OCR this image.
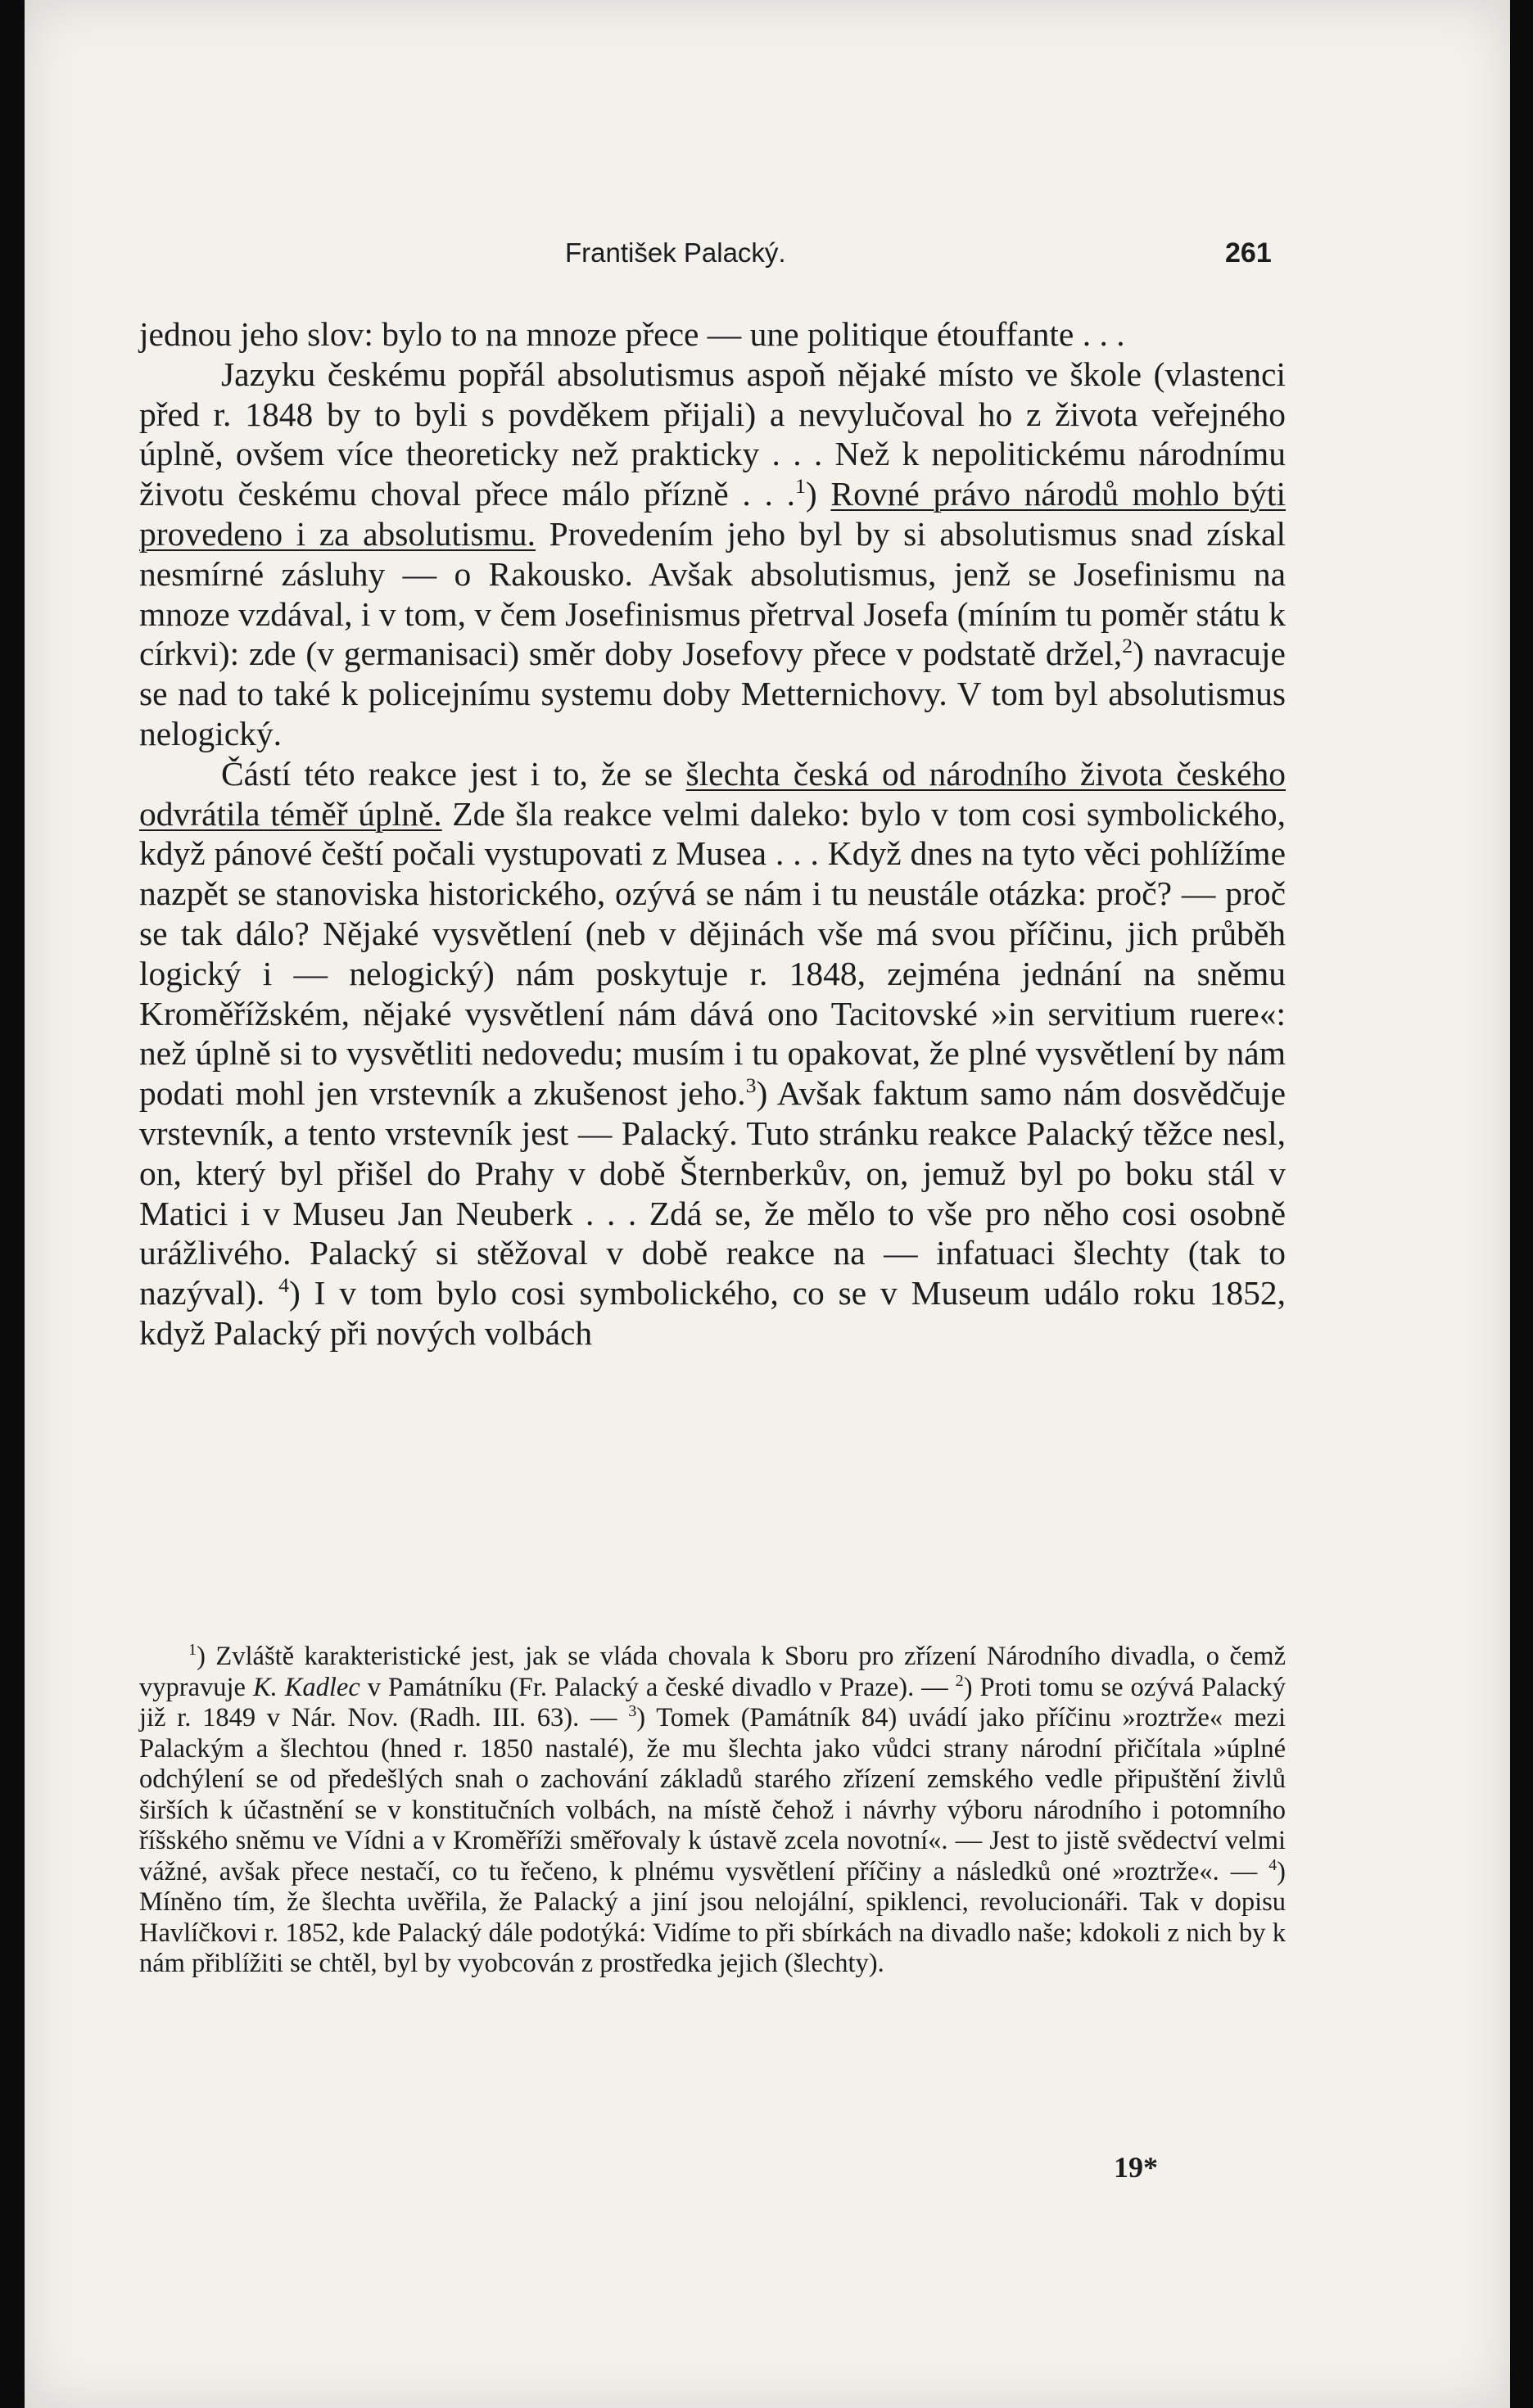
František Palacký.	261

jednou jeho slov: bylo to na mnoze přece — une politique étouffante . . .

Jazyku českému popřál absolutismus aspoň nějaké místo ve škole (vlastenci před r. 1848 by to byli s povděkem přijali) a nevylučoval ho z života veřejného úplně, ovšem více theoreticky než prakticky . . . Než k nepolitickému národnímu životu českému choval přece málo přízně . . .$^1$) Rovné právo národů mohlo býti provedeno i za absolutismu. Provedením jeho byl by si absolutismus snad získal nesmírné zásluhy — o Rakousko. Avšak absolutismus, jenž se Josefinismu na mnoze vzdával, i v tom, v čem Josefinismus přetrval Josefa (míním tu poměr státu k církvi): zde (v germanisaci) směr doby Josefovy přece v podstatě držel,$^2$) navracuje se nad to také k policejnímu systemu doby Metternichovy. V tom byl absolutismus nelogický.

Částí této reakce jest i to, že se šlechta česká od národního života českého odvrátila téměř úplně. Zde šla reakce velmi daleko: bylo v tom cosi symbolického, když pánové čeští počali vystupovati z Musea . . . Když dnes na tyto věci pohlížíme nazpět se stanoviska historického, ozývá se nám i tu neustále otázka: proč? — proč se tak dálo? Nějaké vysvětlení (neb v dějinách vše má svou příčinu, jich průběh logický i — nelogický) nám poskytuje r. 1848, zejména jednání na sněmu Kroměřížském, nějaké vysvětlení nám dává ono Tacitovské »in servitium ruere«: než úplně si to vysvětliti nedovedu; musím i tu opakovat, že plné vysvětlení by nám podati mohl jen vrstevník a zkušenost jeho.$^3$) Avšak faktum samo nám dosvědčuje vrstevník, a tento vrstevník jest — Palacký. Tuto stránku reakce Palacký těžce nesl, on, který byl přišel do Prahy v době Šternberkův, on, jemuž byl po boku stál v Matici i v Museu Jan Neuberk . . . Zdá se, že mělo to vše pro něho cosi osobně urážlivého. Palacký si stěžoval v době reakce na — infatuaci šlechty (tak to nazýval). $^4$) I v tom bylo cosi symbolického, co se v Museum událo roku 1852, když Palacký při nových volbách

$^1$) Zvláště karakteristické jest, jak se vláda chovala k Sboru pro zřízení Národního divadla, o čemž vypravuje K. Kadlec v Památníku (Fr. Palacký a české divadlo v Praze). — $^2$) Proti tomu se ozývá Palacký již r. 1849 v Nár. Nov. (Radh. III. 63). — $^3$) Tomek (Památník 84) uvádí jako příčinu »roztrže« mezi Palackým a šlechtou (hned r. 1850 nastalé), že mu šlechta jako vůdci strany národní přičítala »úplné odchýlení se od předešlých snah o zachování základů starého zřízení zemského vedle připuštění živlů širších k účastnění se v konstitučních volbách, na místě čehož i návrhy výboru národního i potomního říšského sněmu ve Vídni a v Kroměříži směřovaly k ústavě zcela novotní«. — Jest to jistě svědectví velmi vážné, avšak přece nestačí, co tu řečeno, k plnému vysvětlení příčiny a následků oné »roztrže«. — $^4$) Míněno tím, že šlechta uvěřila, že Palacký a jiní jsou nelojální, spiklenci, revolucionáři. Tak v dopisu Havlíčkovi r. 1852, kde Palacký dále podotýká: Vidíme to při sbírkách na divadlo naše; kdokoli z nich by k nám přiblížiti se chtěl, byl by vyobcován z prostředka jejich (šlechty).

19*
